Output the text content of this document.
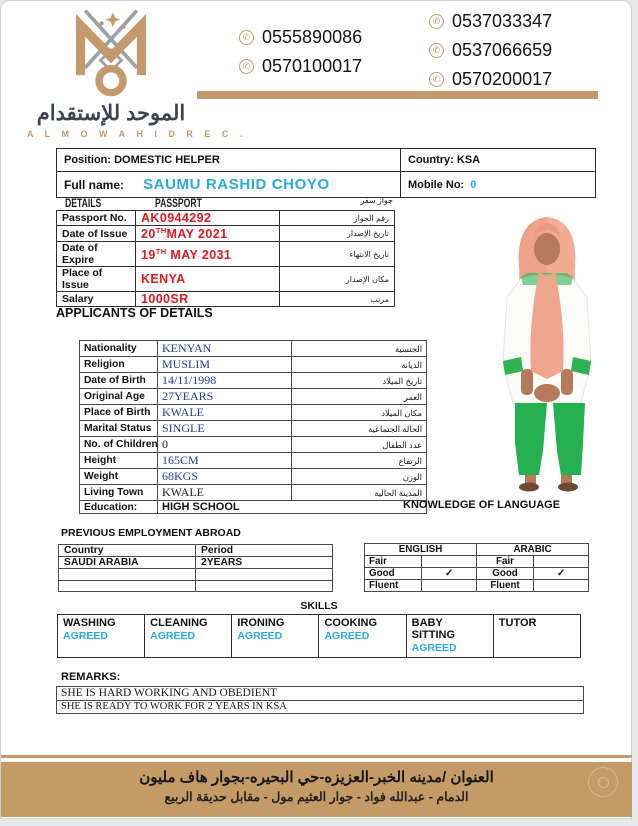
الموحد للإستقدام
A L M O W A H I D R E C .
✆ 0555890086
✆ 0570100017
✆ 0537033347
✆ 0537066659
✆ 0570200017
Position: DOMESTIC HELPER	Country: KSA
Full name: SAUMU RASHID CHOYO	Mobile No: 0
DETAILS	PASSPORT	جواز سفر
Passport No.	AK0944292	رقم الجواز
Date of Issue	20THMAY 2021	تاريخ الإصدار
Date of Expire	19TH MAY 2031	تاريخ الانتهاء
Place of Issue	KENYA	مكان الإصدار
Salary	1000SR	مرتب
APPLICANTS OF DETAILS
Nationality	KENYAN	الجنسية
Religion	MUSLIM	الديانة
Date of Birth	14/11/1998	تاريخ الميلاد
Original Age	27YEARS	العمر
Place of Birth	KWALE	مكان الميلاد
Marital Status	SINGLE	الحالة الجتماعية
No. of Children	0	عدد الطفال
Height	165CM	الرتفاع
Weight	68KGS	الوزن
Living Town	KWALE	المدينة الحالية
Education:	HIGH SCHOOL		KNOWLEDGE OF LANGUAGE
PREVIOUS EMPLOYMENT ABROAD
Country	Period
SAUDI ARABIA	2YEARS

ENGLISH		ARABIC	
Fair		Fair	
Good	✓	Good	✓
Fluent		Fluent	
SKILLS
WASHING
AGREED

CLEANING
AGREED

IRONING
AGREED

COOKING
AGREED

BABY SITTING
AGREED

TUTOR
REMARKS:
SHE IS HARD WORKING AND OBEDIENT
SHE IS READY TO WORK FOR 2 YEARS IN KSA
العنوان /مدينه الخبر-العزيزه-حي البحيره-بجوار هاف مليون
الدمام - عبدالله فواد - جوار العثيم مول - مقابل حديقة الربيع
